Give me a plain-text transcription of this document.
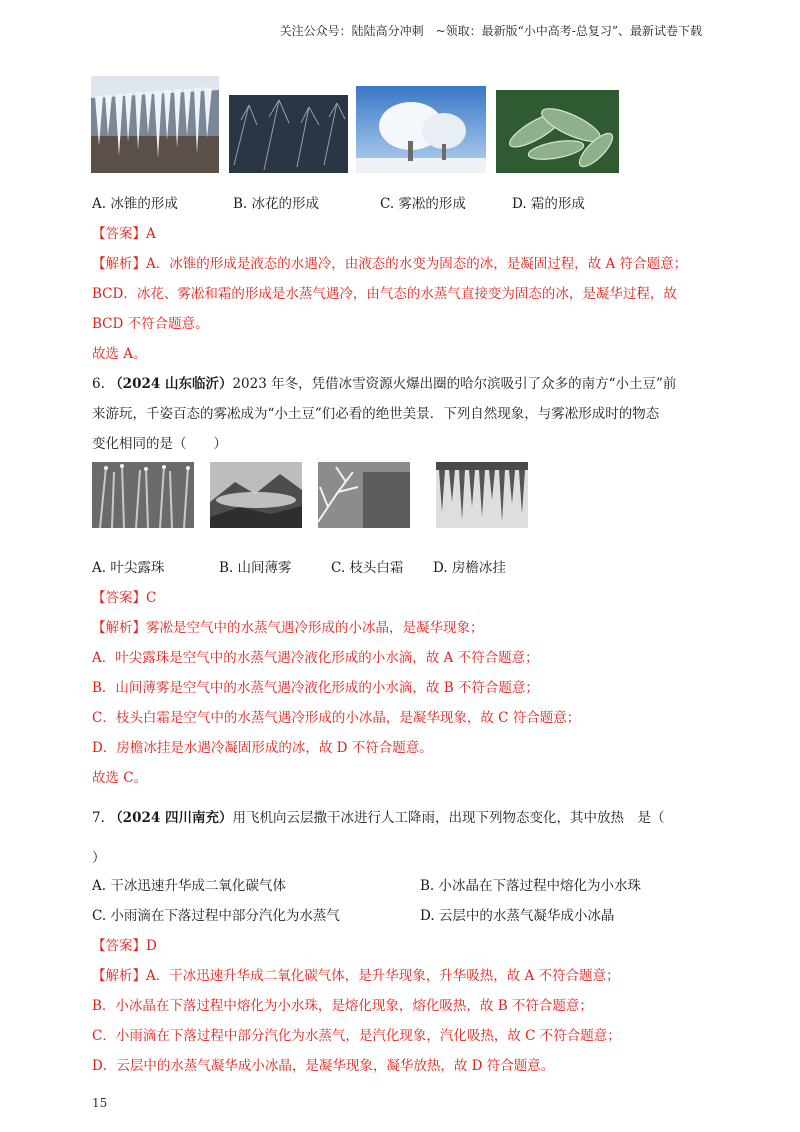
关注公众号：陆陆高分冲刺　~领取：最新版“小中高考-总复习”、最新试卷下载
A. 冰锥的形成	B. 冰花的形成	C. 雾凇的形成	D. 霜的形成
【答案】A
【解析】A．冰锥的形成是液态的水遇冷，由液态的水变为固态的冰，是凝固过程，故 A 符合题意；
BCD．冰花、雾凇和霜的形成是水蒸气遇冷，由气态的水蒸气直接变为固态的冰，是凝华过程，故
BCD 不符合题意。
故选 A。
6. （2024 山东临沂）2023 年冬，凭借冰雪资源火爆出圈的哈尔滨吸引了众多的南方“小土豆”前
来游玩，千姿百态的雾凇成为“小土豆”们必看的绝世美景．下列自然现象，与雾凇形成时的物态
变化相同的是（　　）
A. 叶尖露珠	B. 山间薄雾	C. 枝头白霜 D. 房檐冰挂
【答案】C
【解析】雾凇是空气中的水蒸气遇冷形成的小冰晶，是凝华现象；
A．叶尖露珠是空气中的水蒸气遇冷液化形成的小水滴，故 A 不符合题意；
B．山间薄雾是空气中的水蒸气遇冷液化形成的小水滴，故 B 不符合题意；
C．枝头白霜是空气中的水蒸气遇冷形成的小冰晶，是凝华现象，故 C 符合题意；
D．房檐冰挂是水遇冷凝固形成的冰，故 D 不符合题意。
故选 C。
7. （2024 四川南充）用飞机向云层撒干冰进行人工降雨，出现下列物态变化，其中放热　是（
）
A. 干冰迅速升华成二氧化碳气体	B. 小冰晶在下落过程中熔化为小水珠
C. 小雨滴在下落过程中部分汽化为水蒸气	D. 云层中的水蒸气凝华成小冰晶
【答案】D
【解析】A．干冰迅速升华成二氧化碳气体，是升华现象，升华吸热，故 A 不符合题意；
B．小冰晶在下落过程中熔化为小水珠，是熔化现象，熔化吸热，故 B 不符合题意；
C．小雨滴在下落过程中部分汽化为水蒸气，是汽化现象，汽化吸热，故 C 不符合题意；
D．云层中的水蒸气凝华成小冰晶，是凝华现象，凝华放热，故 D 符合题意。
15
